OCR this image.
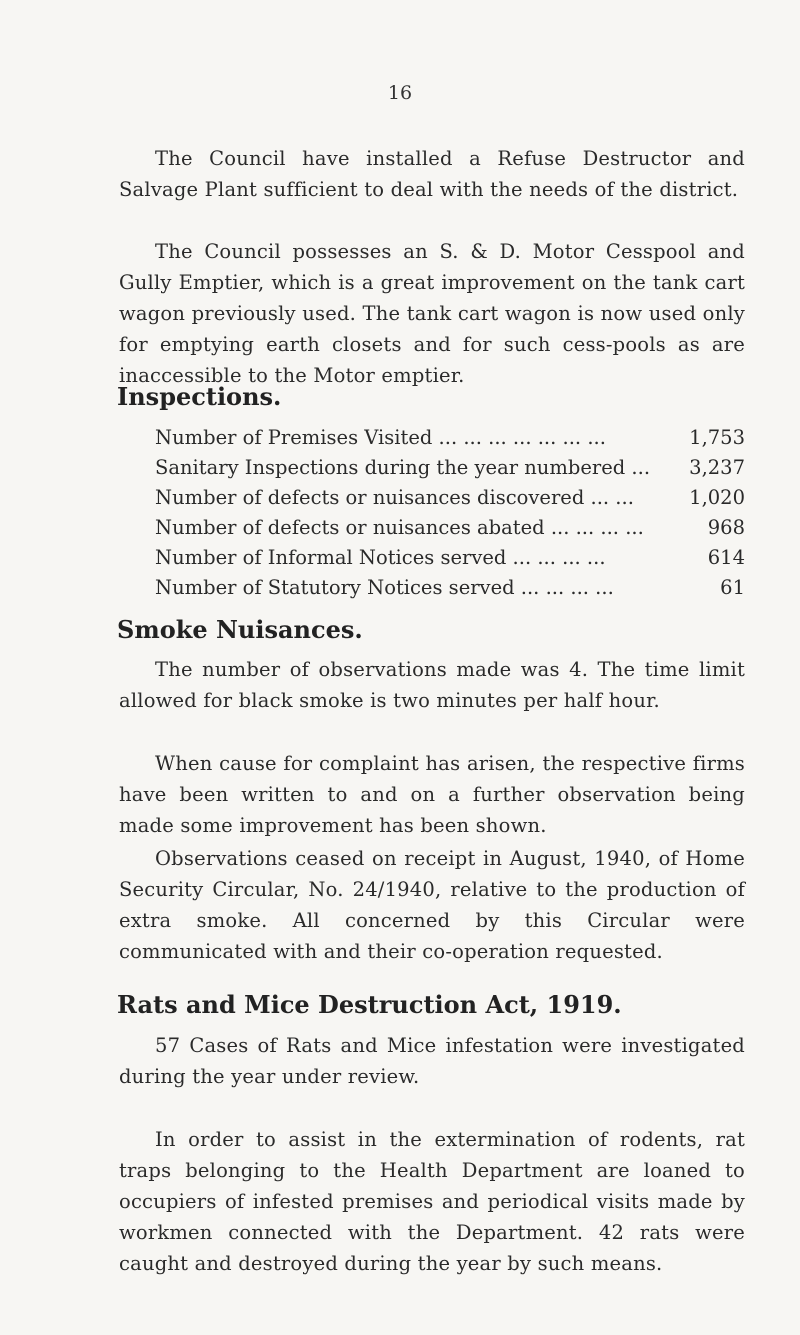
16

The Council have installed a Refuse Destructor and Salvage Plant sufficient to deal with the needs of the district.

The Council possesses an S. & D. Motor Cesspool and Gully Emptier, which is a great improvement on the tank cart wagon previously used. The tank cart wagon is now used only for emptying earth closets and for such cess-pools as are inaccessible to the Motor emptier.

Inspections.
Number of Premises Visited ... ... ... ... ... ... ...	1,753
Sanitary Inspections during the year numbered ... 3,237
Number of defects or nuisances discovered ... ...	1,020
Number of defects or nuisances abated ... ... ... ...	968
Number of Informal Notices served ... ... ... ...	614
Number of Statutory Notices served ... ... ... ...	61
Smoke Nuisances.

The number of observations made was 4. The time limit allowed for black smoke is two minutes per half hour.

When cause for complaint has arisen, the respective firms have been written to and on a further observation being made some improvement has been shown.

Observations ceased on receipt in August, 1940, of Home Security Circular, No. 24/1940, relative to the production of extra smoke. All concerned by this Circular were communicated with and their co-operation requested.

Rats and Mice Destruction Act, 1919.

57 Cases of Rats and Mice infestation were investigated during the year under review.

In order to assist in the extermination of rodents, rat traps belonging to the Health Department are loaned to occupiers of infested premises and periodical visits made by workmen connected with the Department. 42 rats were caught and destroyed during the year by such means.
